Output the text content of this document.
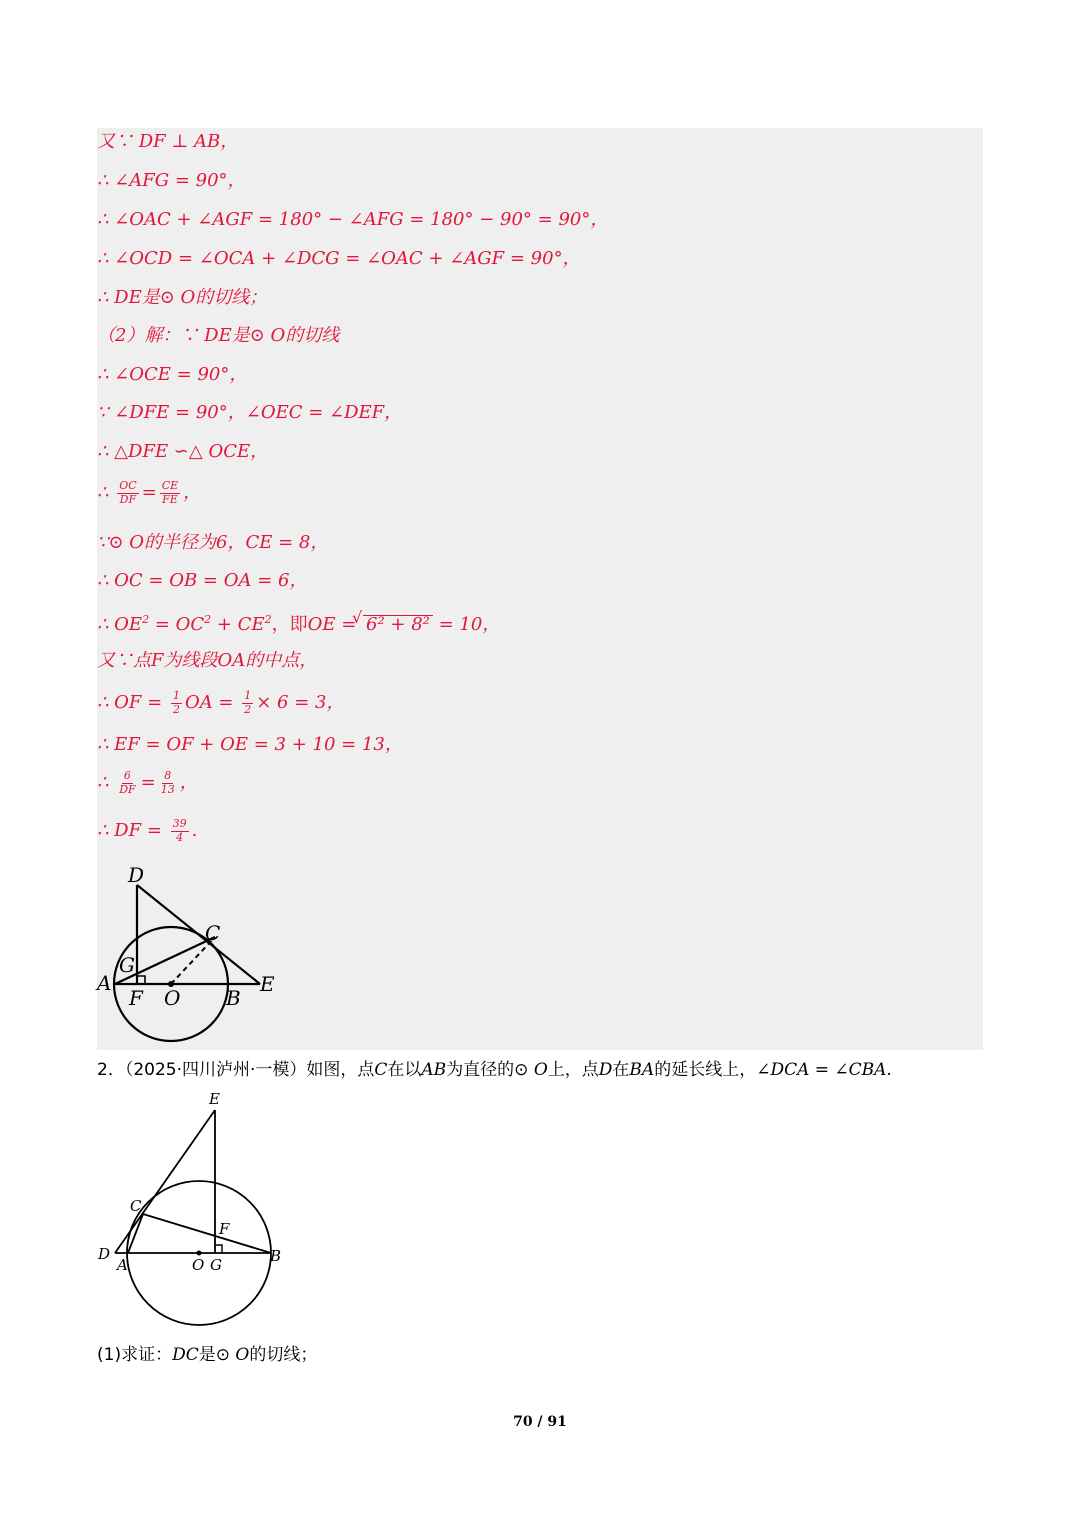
又∵ DF ⊥ AB，
∴ ∠AFG = 90°，
∴ ∠OAC + ∠AGF = 180° − ∠AFG = 180° − 90° = 90°，
∴ ∠OCD = ∠OCA + ∠DCG = ∠OAC + ∠AGF = 90°，
∴ DE是⊙ O的切线；
（2）解：∵ DE是⊙ O的切线
∴ ∠OCE = 90°，
∵ ∠DFE = 90°，∠OEC = ∠DEF，
∴ △DFE ∽△ OCE，
∴ $\frac{OC}{DF} = \frac{CE}{FE}$ ，
∵⊙ O的半径为6，CE = 8，
∴ OC = OB = OA = 6，
∴ $OE^2 = OC^2 + CE^2$，即OE = √ 6² + 8² = 10，
又∵点F为线段OA的中点，
∴ OF = $\frac{1}{2}$ OA = $\frac{1}{2} \times 6 = 3$，
∴ EF = OF + OE = 3 + 10 = 13，
∴ $\frac{6}{DF} = \frac{8}{13}$ ，
∴ DF = $\frac{39}{4}$ .
D
C
G
A
F O B
E
2．（2025·四川泸州·一模）如图，点C在以AB为直径的⊙ O上，点D在BA的延长线上，∠DCA = ∠CBA.
E
C
F
D
A	O G	B
(1)求证：DC是⊙ O的切线；
70 / 91
